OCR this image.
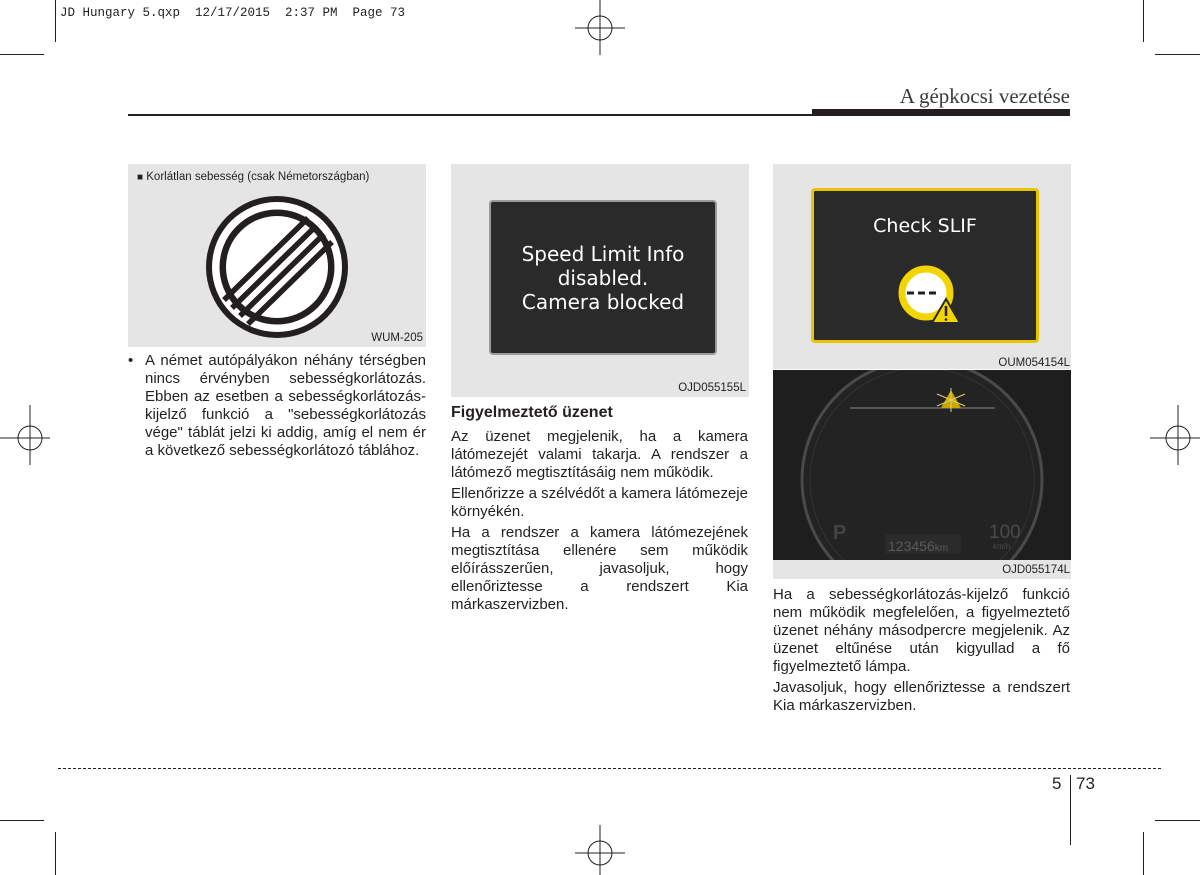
JD Hungary 5.qxp  12/17/2015  2:37 PM  Page 73
A gépkocsi vezetése
■ Korlátlan sebesség (csak Németországban)
WUM-205
• A német autópályákon néhány térségben nincs érvényben sebességkorlátozás. Ebben az esetben a sebességkorlátozás-kijelző funkció a "sebességkorlátozás vége" táblát jelzi ki addig, amíg el nem ér a következő sebességkorlátozó táblához.
Speed Limit Info
disabled.
Camera blocked
OJD055155L
Figyelmeztető üzenet

Az üzenet megjelenik, ha a kamera látómezejét valami takarja. A rendszer a látómező megtisztításáig nem működik.

Ellenőrizze a szélvédőt a kamera látómezeje környékén.

Ha a rendszer a kamera látómezejének megtisztítása ellenére sem működik előírásszerűen, javasoljuk, hogy ellenőriztesse a rendszert Kia márkaszervizben.

Check SLIF
OUM054154L
P
123456km
100
km/h
OJD055174L

Ha a sebességkorlátozás-kijelző funkció nem működik megfelelően, a figyelmeztető üzenet néhány másodpercre megjelenik. Az üzenet eltűnése után kigyullad a fő figyelmeztető lámpa.

Javasoljuk, hogy ellenőriztesse a rendszert Kia márkaszervizben.

5 73
